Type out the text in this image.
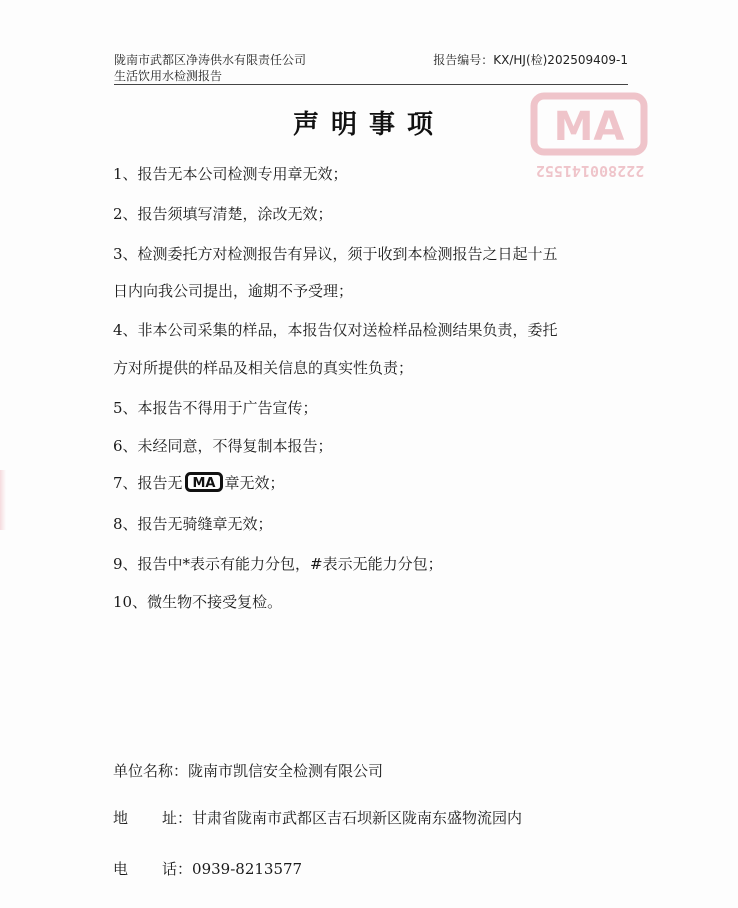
陇南市武都区净涛供水有限责任公司	报告编号：KX/HJ(检)202509409-1
生活饮用水检测报告
声明事项	MA
222800141552
1、报告无本公司检测专用章无效；
2、报告须填写清楚，涂改无效；
3、检测委托方对检测报告有异议，须于收到本检测报告之日起十五
日内向我公司提出，逾期不予受理；
4、非本公司采集的样品，本报告仅对送检样品检测结果负责，委托
方对所提供的样品及相关信息的真实性负责；
5、本报告不得用于广告宣传；
6、未经同意，不得复制本报告；
7、报告无 MA 章无效；
8、报告无骑缝章无效；
9、报告中*表示有能力分包，#表示无能力分包；
10、微生物不接受复检。
单位名称：陇南市凯信安全检测有限公司
地址：甘肃省陇南市武都区吉石坝新区陇南东盛物流园内
电话：0939-8213577
